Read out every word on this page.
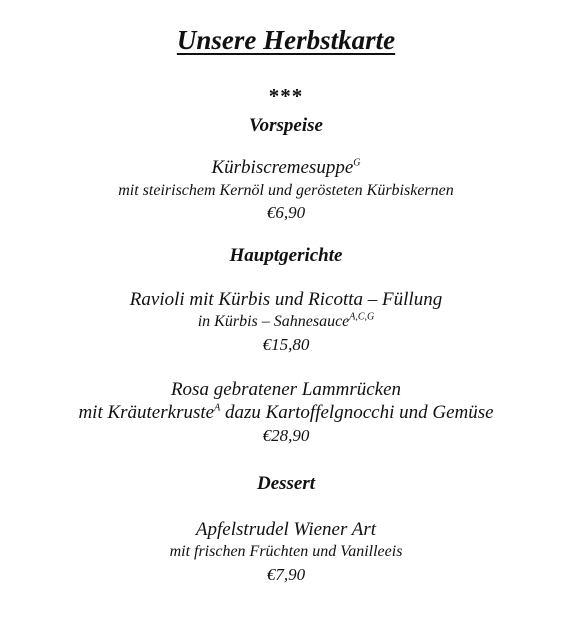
Unsere Herbstkarte
***
Vorspeise
Kürbiscremesuppe$^G$
mit steirischem Kernöl und gerösteten Kürbiskernen
€6,90
Hauptgerichte
Ravioli mit Kürbis und Ricotta – Füllung
in Kürbis – Sahnesauce$^{A,C,G}$
€15,80
Rosa gebratener Lammrücken
mit Kräuterkruste$^A$ dazu Kartoffelgnocchi und Gemüse
€28,90
Dessert
Apfelstrudel Wiener Art
mit frischen Früchten und Vanilleeis
€7,90
